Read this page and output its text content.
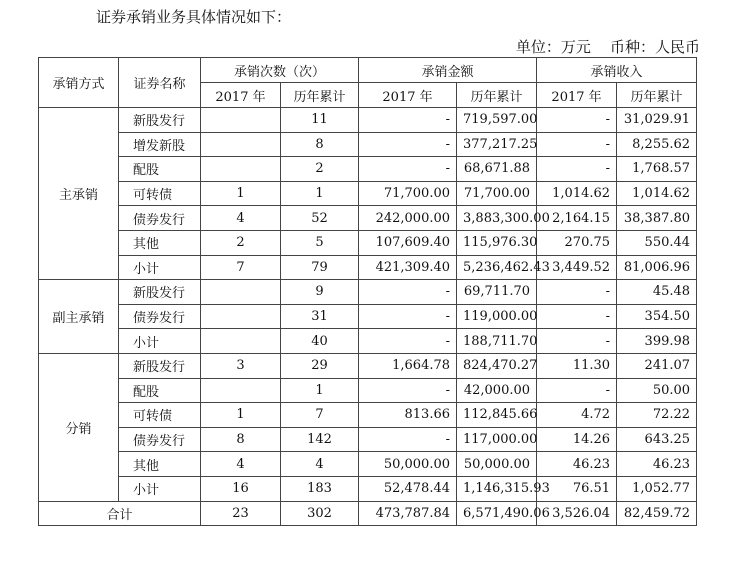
证券承销业务具体情况如下：
单位：万元    币种：人民币
承销方式	证券名称	承销次数（次）		承销金额		承销收入	
		2017 年	历年累计	2017 年	历年累计	2017 年	历年累计
主承销	新股发行		11	-	719,597.00	-	31,029.91
	增发新股		8	-	377,217.25	-	8,255.62
	配股		2	-	68,671.88	-	1,768.57
	可转债	1	1	71,700.00	71,700.00	1,014.62	1,014.62
	债券发行	4	52	242,000.00	3,883,300.00	2,164.15	38,387.80
	其他	2	5	107,609.40	115,976.30	270.75	550.44
	小计	7	79	421,309.40	5,236,462.43	3,449.52	81,006.96
副主承销	新股发行		9	-	69,711.70	-	45.48
	债券发行		31	-	119,000.00	-	354.50
	小计		40	-	188,711.70	-	399.98
分销	新股发行	3	29	1,664.78	824,470.27	11.30	241.07
	配股		1	-	42,000.00	-	50.00
	可转债	1	7	813.66	112,845.66	4.72	72.22
	债券发行	8	142	-	117,000.00	14.26	643.25
	其他	4	4	50,000.00	50,000.00	46.23	46.23
	小计	16	183	52,478.44	1,146,315.93	76.51	1,052.77
合计		23	302	473,787.84	6,571,490.06	3,526.04	82,459.72
